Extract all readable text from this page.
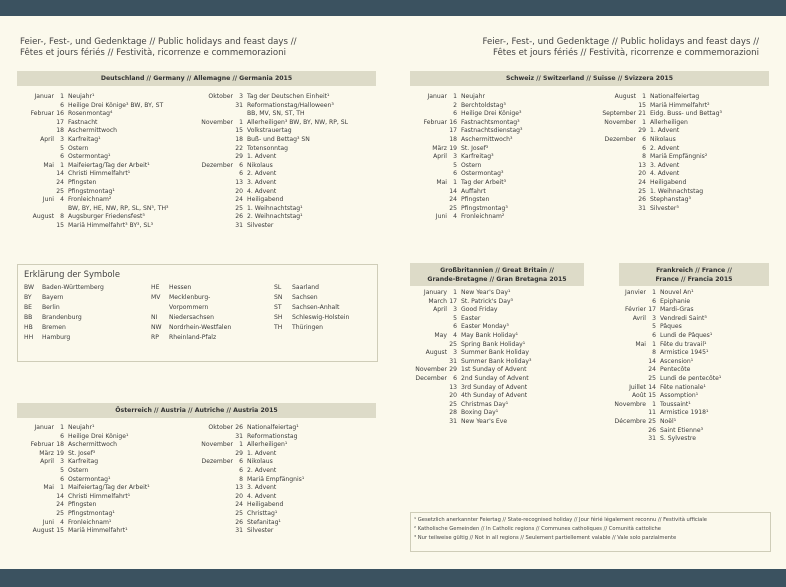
Feier-, Fest-, und Gedenktage // Public holidays and feast days //
Fêtes et jours fériés // Festività, ricorrenze e commemorazioni
Deutschland // Germany // Allemagne // Germania 2015
Januar	1 Neujahr¹
6 Heilige Drei Könige³ BW, BY, ST
Februar 16 Rosenmontag⁴
17 Fastnacht
18 Aschermittwoch
April	3 Karfreitag¹
5 Ostern
6 Ostermontag¹
Mai	1 Maifeiertag/Tag der Arbeit¹
14 Christi Himmelfahrt¹
24 Pfingsten
25 Pfingstmontag¹
Juni	4 Fronleichnam²
BW, BY, HE, NW, RP, SL, SN³, TH³
August	8 Augsburger Friedensfest³
15 Mariä Himmelfahrt³ BY³, SL³
Oktober	3 Tag der Deutschen Einheit¹
31 Reformationstag/Halloween³
BB, MV, SN, ST, TH
November	1 Allerheiligen³ BW, BY, NW, RP, SL
15 Volkstrauertag
18 Buß- und Bettag³ SN
22 Totensonntag
29 1. Advent
Dezember	6 Nikolaus
6 2. Advent
13 3. Advent
20 4. Advent
24 Heiligabend
25 1. Weihnachtstag¹
26 2. Weihnachtstag¹
31 Silvester
Erklärung der Symbole
BW Baden-Württemberg
BY Bayern
BE Berlin
BB Brandenburg
HB Bremen
HH Hamburg
HE Hessen
MV Mecklenburg-
Vorpommern
NI Niedersachsen
NW Nordrhein-Westfalen
RP Rheinland-Pfalz
SL Saarland
SN Sachsen
ST Sachsen-Anhalt
SH Schleswig-Holstein
TH Thüringen
Österreich // Austria // Autriche // Austria 2015
Januar	1 Neujahr¹
6 Heilige Drei Könige¹
Februar 18 Aschermittwoch
März 19 St. Josef³
April	3 Karfreitag
5 Ostern
6 Ostermontag¹
Mai	1 Maifeiertag/Tag der Arbeit¹
14 Christi Himmelfahrt¹
24 Pfingsten
25 Pfingstmontag¹
Juni	4 Fronleichnam¹
August 15 Mariä Himmelfahrt¹
Oktober 26 Nationalfeiertag¹
31 Reformationstag
November	1 Allerheiligen¹
29 1. Advent
Dezember	6 Nikolaus
6 2. Advent
8 Mariä Empfängnis¹
13 3. Advent
20 4. Advent
24 Heiligabend
25 Christtag¹
26 Stefanitag¹
31 Silvester
Feier-, Fest-, und Gedenktage // Public holidays and feast days //
Fêtes et jours fériés // Festività, ricorrenze e commemorazioni
Schweiz // Switzerland // Suisse // Svizzera 2015
Januar	1 Neujahr
2 Berchtoldstag³
6 Heilige Drei Könige³
Februar 16 Fastnachtsmontag³
17 Fastnachtsdienstag³
18 Aschermittwoch³
März 19 St. Josef³
April	3 Karfreitag³
5 Ostern
6 Ostermontag³
Mai	1 Tag der Arbeit³
14 Auffahrt
24 Pfingsten
25 Pfingstmontag³
Juni	4 Fronleichnam²
August	1 Nationalfeiertag
15 Mariä Himmelfahrt²
September 21 Eidg. Buss- und Bettag³
November	1 Allerheiligen
29 1. Advent
Dezember	6 Nikolaus
6 2. Advent
8 Mariä Empfängnis²
13 3. Advent
20 4. Advent
24 Heiligabend
25 1. Weihnachtstag
26 Stephanstag³
31 Silvester³
Großbritannien // Great Britain //
Grande-Bretagne // Gran Bretagna 2015
January	1 New Year's Day¹
March 17 St. Patrick's Day³
April	3 Good Friday
5 Easter
6 Easter Monday³
May	4 May Bank Holiday¹
25 Spring Bank Holiday¹
August	3 Summer Bank Holiday
31 Summer Bank Holiday³
November 29 1st Sunday of Advent
December	6 2nd Sunday of Advent
13 3rd Sunday of Advent
20 4th Sunday of Advent
25 Christmas Day¹
28 Boxing Day¹
31 New Year's Eve
Frankreich // France //
France // Francia 2015
Janvier	1 Nouvel An¹
6 Epiphanie
Février 17 Mardi-Gras
Avril	3 Vendredi Saint³
5 Pâques
6 Lundi de Pâques¹
Mai	1 Fête du travail¹
8 Armistice 1945¹
14 Ascension¹
24 Pentecôte
25 Lundi de pentecôte¹
Juillet 14 Fête nationale¹
Août 15 Assomption¹
Novembre	1 Toussaint¹
11 Armistice 1918¹
Décembre 25 Noël¹
26 Saint Etienne³
31 S. Sylvestre
¹ Gesetzlich anerkannter Feiertag // State-recognised holiday // Jour férié légalement reconnu // Festività ufficiale
² Katholische Gemeinden // In Catholic regions // Communes catholiques // Comunità cattoliche
³ Nur teilweise gültig // Not in all regions // Seulement partiellement valable // Vale solo parzialmente
